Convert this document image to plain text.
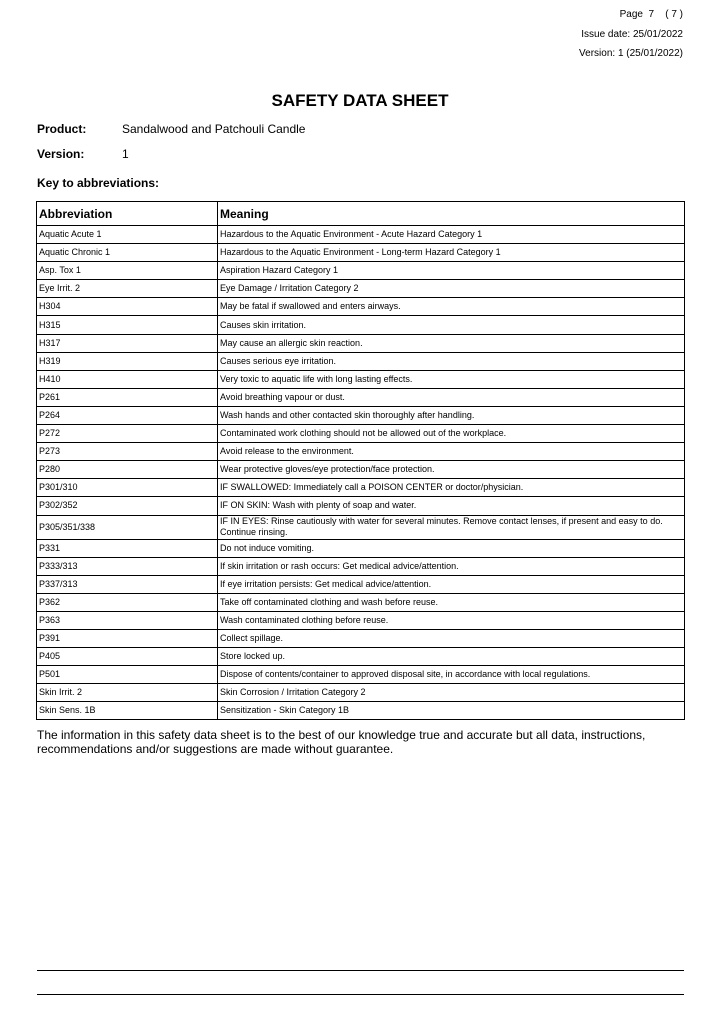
Page  7    ( 7 )
Issue date: 25/01/2022
Version: 1 (25/01/2022)
SAFETY DATA SHEET
Product:	Sandalwood and Patchouli Candle
Version:	1
Key to abbreviations:
Abbreviation	Meaning
Aquatic Acute 1	Hazardous to the Aquatic Environment - Acute Hazard Category 1
Aquatic Chronic 1	Hazardous to the Aquatic Environment - Long-term Hazard Category 1
Asp. Tox 1	Aspiration Hazard Category 1
Eye Irrit. 2	Eye Damage / Irritation Category 2
H304	May be fatal if swallowed and enters airways.
H315	Causes skin irritation.
H317	May cause an allergic skin reaction.
H319	Causes serious eye irritation.
H410	Very toxic to aquatic life with long lasting effects.
P261	Avoid breathing vapour or dust.
P264	Wash hands and other contacted skin thoroughly after handling.
P272	Contaminated work clothing should not be allowed out of the workplace.
P273	Avoid release to the environment.
P280	Wear protective gloves/eye protection/face protection.
P301/310	IF SWALLOWED: Immediately call a POISON CENTER or doctor/physician.
P302/352	IF ON SKIN: Wash with plenty of soap and water.
P305/351/338	IF IN EYES: Rinse cautiously with water for several minutes. Remove contact lenses, if present and easy to do. Continue rinsing.
P331	Do not induce vomiting.
P333/313	If skin irritation or rash occurs: Get medical advice/attention.
P337/313	If eye irritation persists: Get medical advice/attention.
P362	Take off contaminated clothing and wash before reuse.
P363	Wash contaminated clothing before reuse.
P391	Collect spillage.
P405	Store locked up.
P501	Dispose of contents/container to approved disposal site, in accordance with local regulations.
Skin Irrit. 2	Skin Corrosion / Irritation Category 2
Skin Sens. 1B	Sensitization - Skin Category 1B
The information in this safety data sheet is to the best of our knowledge true and accurate but all data, instructions, recommendations and/or suggestions are made without guarantee.
